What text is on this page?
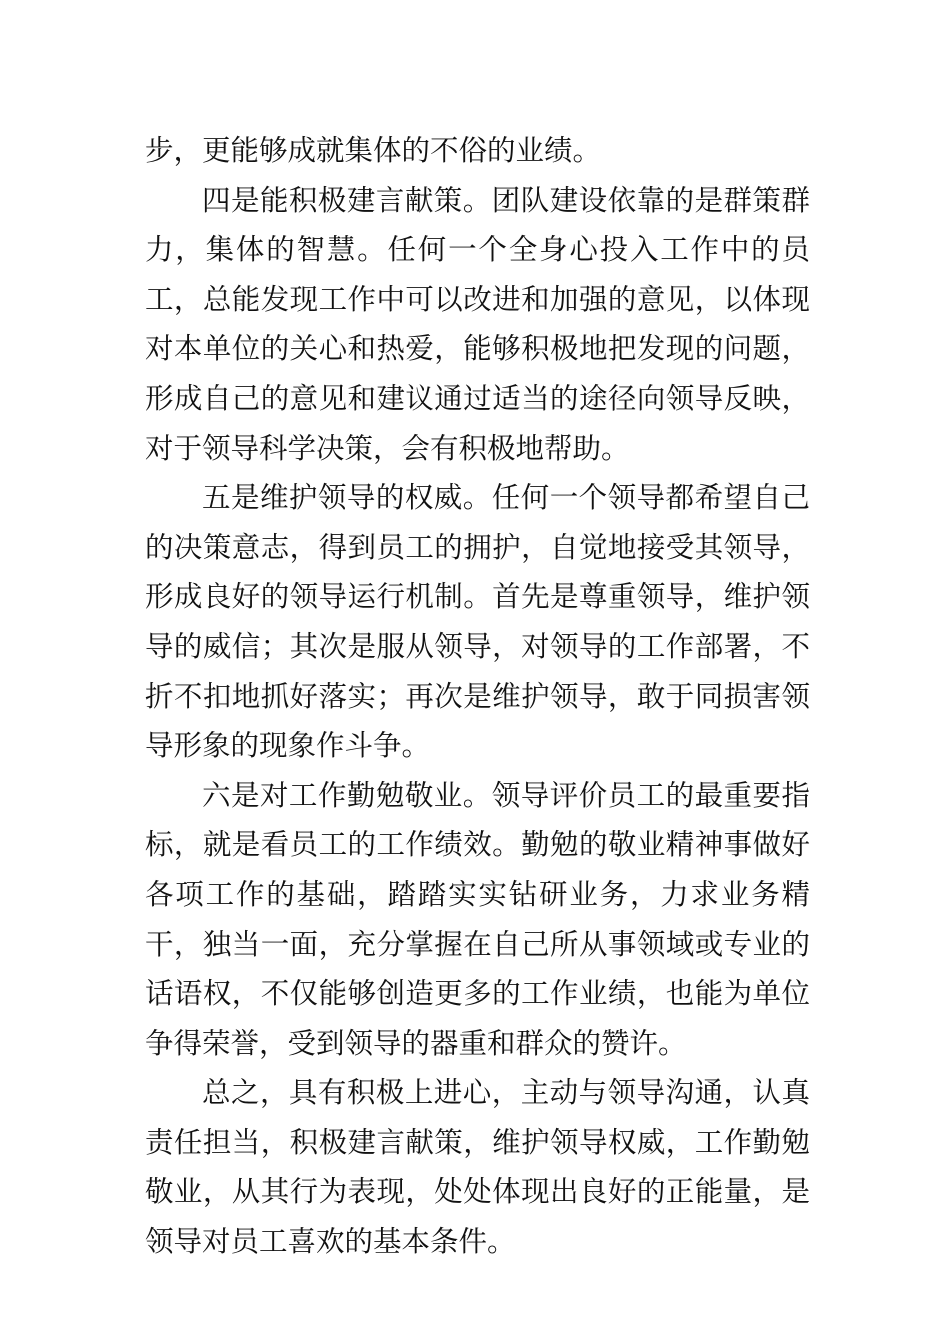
步，更能够成就集体的不俗的业绩。

四是能积极建言献策。团队建设依靠的是群策群力，集体的智慧。任何一个全身心投入工作中的员工，总能发现工作中可以改进和加强的意见，以体现对本单位的关心和热爱，能够积极地把发现的问题，形成自己的意见和建议通过适当的途径向领导反映，对于领导科学决策，会有积极地帮助。

五是维护领导的权威。任何一个领导都希望自己的决策意志，得到员工的拥护，自觉地接受其领导，形成良好的领导运行机制。首先是尊重领导，维护领导的威信；其次是服从领导，对领导的工作部署，不折不扣地抓好落实；再次是维护领导，敢于同损害领导形象的现象作斗争。

六是对工作勤勉敬业。领导评价员工的最重要指标，就是看员工的工作绩效。勤勉的敬业精神事做好各项工作的基础，踏踏实实钻研业务，力求业务精干，独当一面，充分掌握在自己所从事领域或专业的话语权，不仅能够创造更多的工作业绩，也能为单位争得荣誉，受到领导的器重和群众的赞许。

总之，具有积极上进心，主动与领导沟通，认真责任担当，积极建言献策，维护领导权威，工作勤勉敬业，从其行为表现，处处体现出良好的正能量，是领导对员工喜欢的基本条件。
